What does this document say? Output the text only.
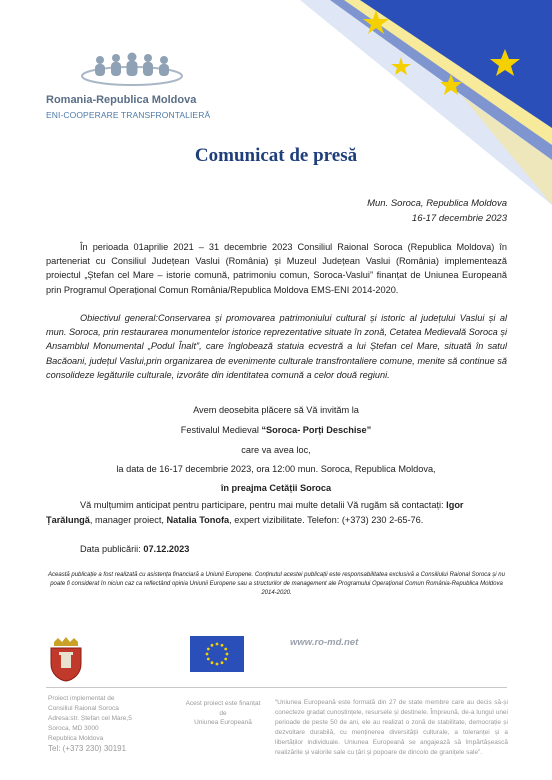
Romania-Republica Moldova
ENI-COOPERARE TRANSFRONTALIERĂ
Comunicat de presă
Mun. Soroca, Republica Moldova
16-17 decembrie 2023
În perioada 01aprilie 2021 – 31 decembrie 2023 Consiliul Raional Soroca (Republica Moldova) în parteneriat cu Consiliul Județean Vaslui (România) și Muzeul Județean Vaslui (România) implementează proiectul „Ștefan cel Mare – istorie comună, patrimoniu comun, Soroca-Vaslui” finanțat de Uniunea Europeană prin Programul Operațional Comun România/Republica Moldova EMS-ENI 2014-2020.
Obiectivul general:Conservarea și promovarea patrimoniului cultural și istoric al județului Vaslui și al mun. Soroca, prin restaurarea monumentelor istorice reprezentative situate în zonă, Cetatea Medievală Soroca și Ansamblul Monumental „Podul Înalt”, care înglobează statuia ecvestră a lui Ștefan cel Mare, situată în satul Bacăoani, județul Vaslui,prin organizarea de evenimente culturale transfrontaliere comune, menite să continue să consolideze legăturile culturale, izvorâte din identitatea comună a celor două regiuni.
Avem deosebita plăcere să Vă invităm la
Festivalul Medieval “Soroca- Porți Deschise”
care va avea loc,
la data de 16-17 decembrie 2023, ora 12:00 mun. Soroca, Republica Moldova,
în preajma Cetății Soroca
Vă mulțumim anticipat pentru participare, pentru mai multe detalii Vă rugăm să contactați: Igor Țarălungă, manager proiect, Natalia Tonofa, expert vizibilitate. Telefon: (+373) 230 2-65-76.
Data publicării: 07.12.2023
Această publicație a fost realizată cu asistența financiară a Uniunii Europene. Conținutul acestei publicații este responsabilitatea exclusivă a Consiliului Raional Soroca și nu poate fi considerat în niciun caz ca reflectând opinia Uniunii Europene sau a structurilor de management ale Programului Operațional Comun România-Republica Moldova 2014-2020.
www.ro-md.net
Proiect implementat de
Consiliul Raional Soroca
Adresa:str. Ștefan cel Mare,5
Soroca, MD 3000
Republica Moldova
Tel: (+373 230) 30191
Acest proiect este finanțat
de
Uniunea Europeană
“Uniunea Europeană este formată din 27 de state membre care au decis să-și conecteze gradat cunoștințele, resursele și destinele. Împreună, de-a lungul unei perioade de peste 50 de ani, ele au realizat o zonă de stabilitate, democrație și dezvoltare durabilă, cu menținerea diversității culturale, a toleranței și a libertăților individuale. Uniunea Europeană se angajează să împărtășească realizările și valorile sale cu țări și popoare de dincolo de granițele sale”.
